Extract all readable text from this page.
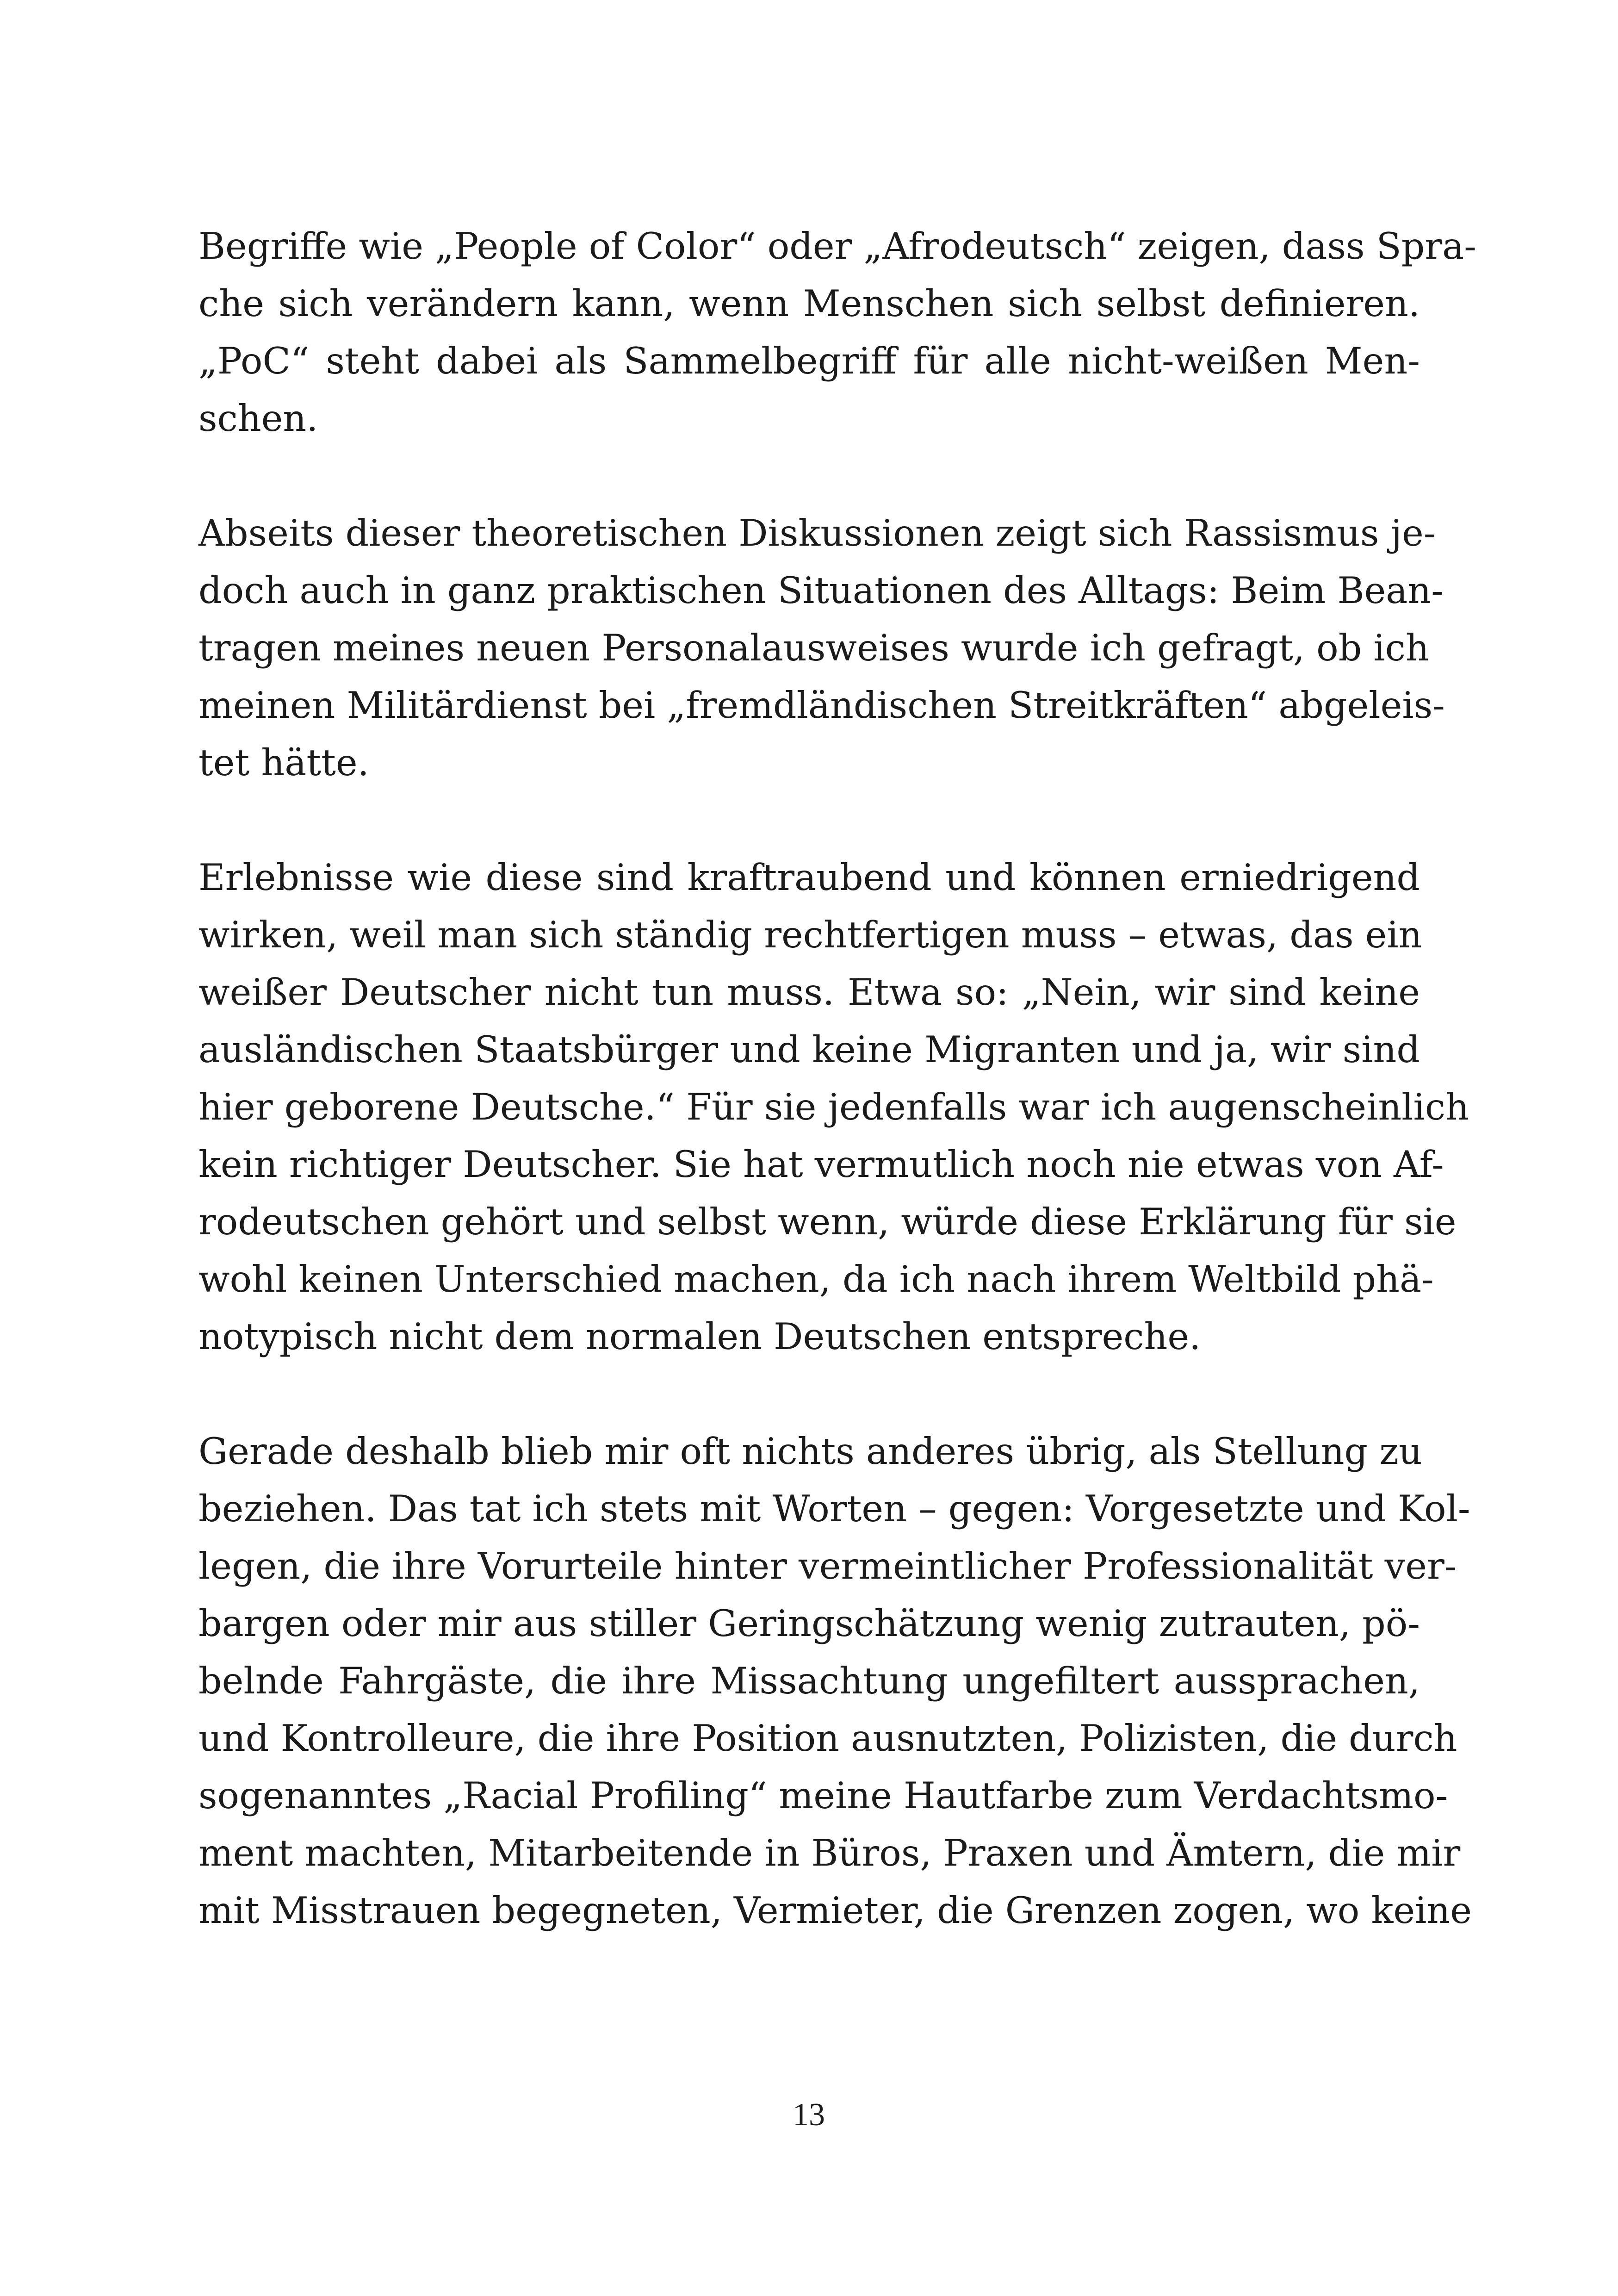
Begriffe wie „People of Color“ oder „Afrodeutsch“ zeigen, dass Spra-
che sich verändern kann, wenn Menschen sich selbst definieren.
„PoC“ steht dabei als Sammelbegriff für alle nicht-weißen Men-
schen.
Abseits dieser theoretischen Diskussionen zeigt sich Rassismus je-
doch auch in ganz praktischen Situationen des Alltags: Beim Bean-
tragen meines neuen Personalausweises wurde ich gefragt, ob ich
meinen Militärdienst bei „fremdländischen Streitkräften“ abgeleis-
tet hätte.
Erlebnisse wie diese sind kraftraubend und können erniedrigend
wirken, weil man sich ständig rechtfertigen muss – etwas, das ein
weißer Deutscher nicht tun muss. Etwa so: „Nein, wir sind keine
ausländischen Staatsbürger und keine Migranten und ja, wir sind
hier geborene Deutsche.“ Für sie jedenfalls war ich augenscheinlich
kein richtiger Deutscher. Sie hat vermutlich noch nie etwas von Af-
rodeutschen gehört und selbst wenn, würde diese Erklärung für sie
wohl keinen Unterschied machen, da ich nach ihrem Weltbild phä-
notypisch nicht dem normalen Deutschen entspreche.
Gerade deshalb blieb mir oft nichts anderes übrig, als Stellung zu
beziehen. Das tat ich stets mit Worten – gegen: Vorgesetzte und Kol-
legen, die ihre Vorurteile hinter vermeintlicher Professionalität ver-
bargen oder mir aus stiller Geringschätzung wenig zutrauten, pö-
belnde Fahrgäste, die ihre Missachtung ungefiltert aussprachen,
und Kontrolleure, die ihre Position ausnutzten, Polizisten, die durch
sogenanntes „Racial Profiling“ meine Hautfarbe zum Verdachtsmo-
ment machten, Mitarbeitende in Büros, Praxen und Ämtern, die mir
mit Misstrauen begegneten, Vermieter, die Grenzen zogen, wo keine
13
